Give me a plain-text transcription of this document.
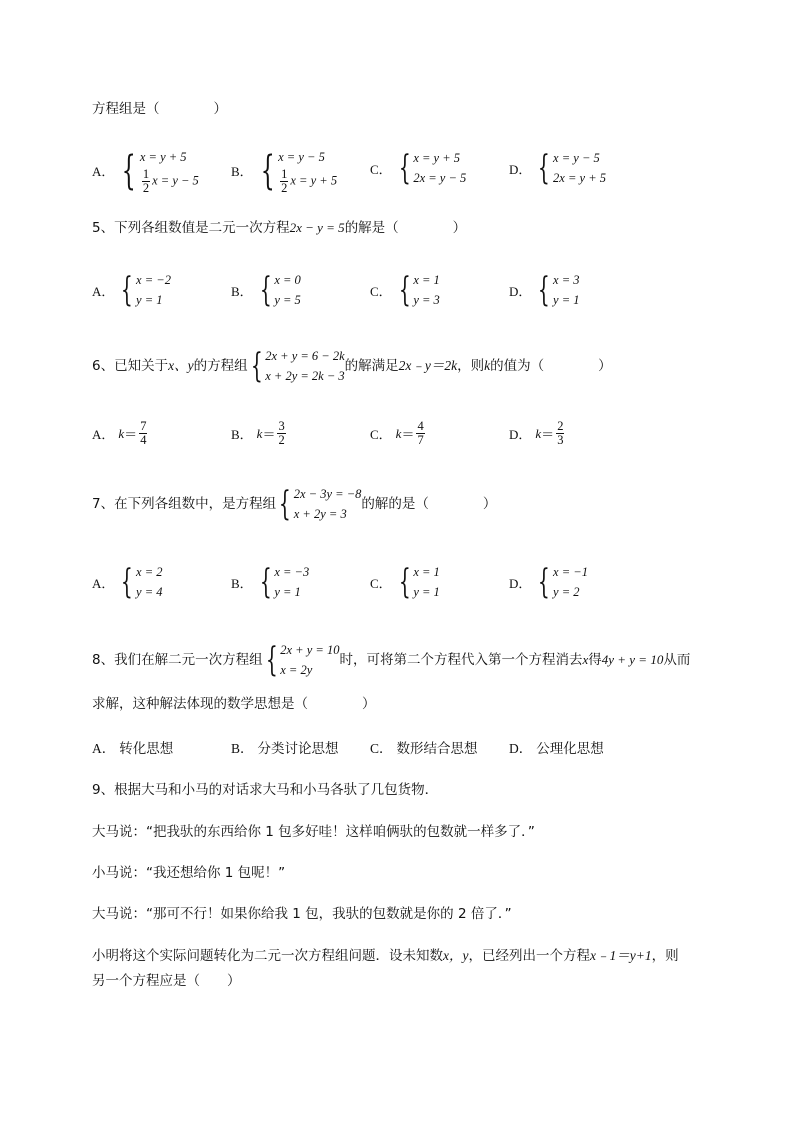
方程组是（　　　　）
A． { x = y + 5
$\frac{1}{2}$ x = y − 5
B． { x = y − 5
$\frac{1}{2}$ x = y + 5
C． { x = y + 5
2x = y − 5
D． { x = y − 5
2x = y + 5
5、下列各组数值是二元一次方程2x − y = 5的解是（　　　　）
A． { x = −2
y = 1
B． { x = 0
y = 5
C． { x = 1
y = 3
D． { x = 3
y = 1
6、已知关于 x、y 的方程组 { 2x + y = 6 − 2k
x + 2y = 2k − 3
的解满足 2x﹣y＝2k ，则 k 的值为（　　　　）
A． $k = \frac{7}{4}$	B． $k = \frac{3}{2}$	C． $k = \frac{4}{7}$	D． $k = \frac{2}{3}$
7、在下列各组数中，是方程组 { 2x − 3y = −8
x + 2y = 3
的解的是（　　　　）
A． { x = 2
y = 4
B． { x = −3
y = 1
C． { x = 1
y = 1
D． { x = −1
y = 2
8、我们在解二元一次方程组 { 2x + y = 10
x = 2y
时，可将第二个方程代入第一个方程消去 x 得 4y + y = 10 从而
求解，这种解法体现的数学思想是（　　　　）
A． 转化思想	B． 分类讨论思想 C． 数形结合思想 D． 公理化思想
9、根据大马和小马的对话求大马和小马各驮了几包货物．
大马说：“把我驮的东西给你 1 包多好哇！这样咱俩驮的包数就一样多了．”
小马说：“我还想给你 1 包呢！”
大马说：“那可不行！如果你给我 1 包，我驮的包数就是你的 2 倍了．”
小明将这个实际问题转化为二元一次方程组问题．设未知数x，y，已经列出一个方程x﹣1＝y+1，则
另一个方程应是（　　）
